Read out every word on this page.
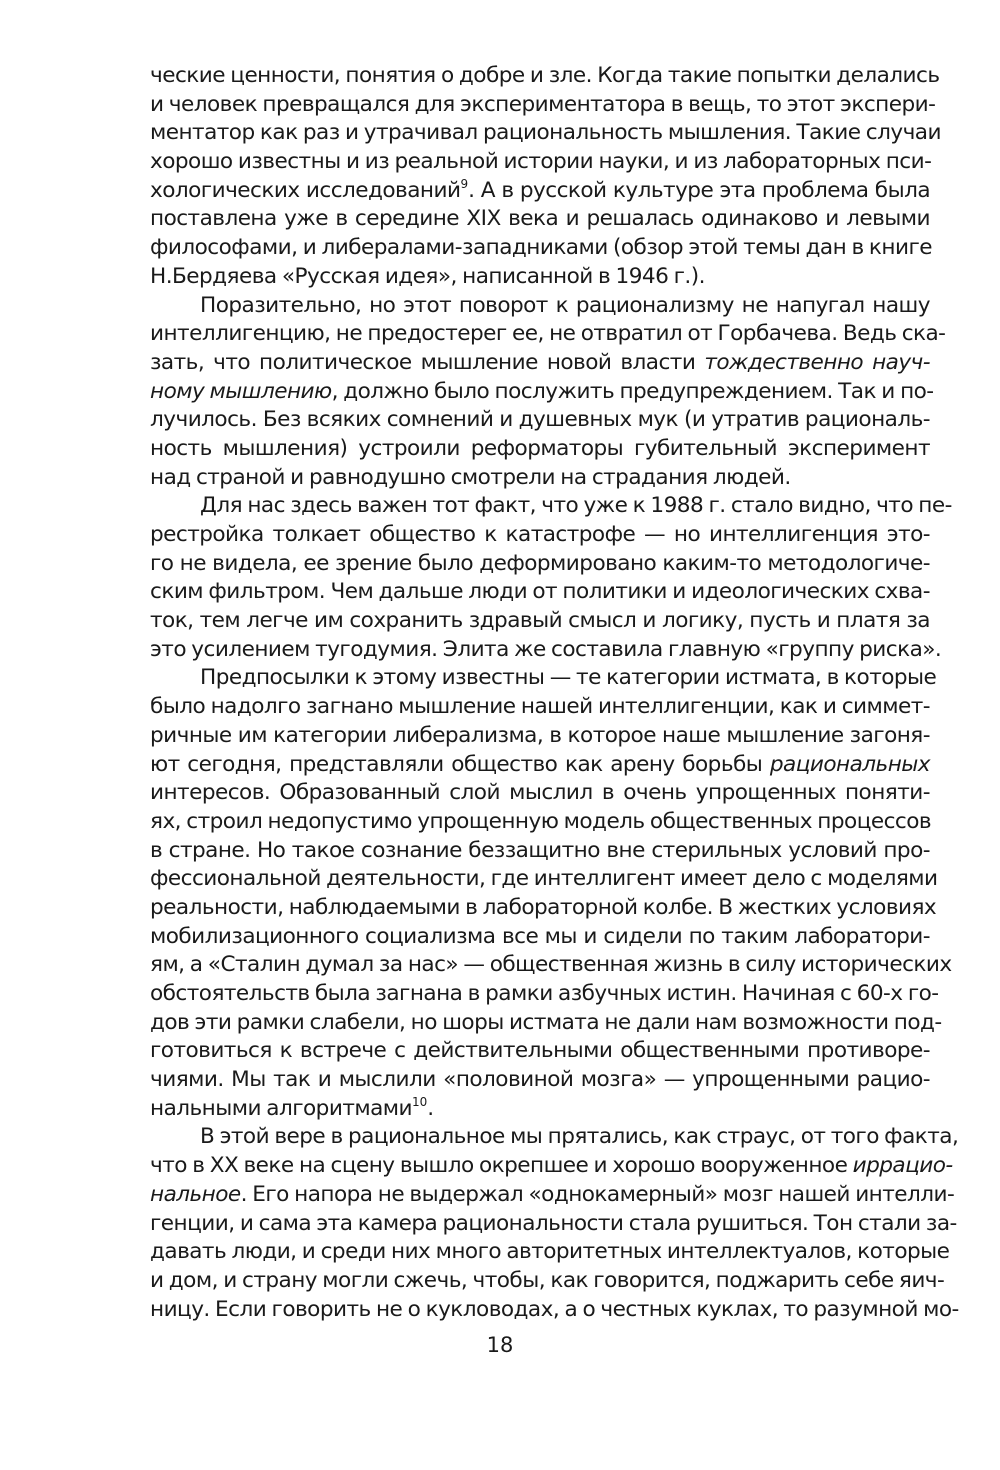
ческие ценности, понятия о добре и зле. Когда такие попытки делались
и человек превращался для экспериментатора в вещь, то этот экспери-
ментатор как раз и утрачивал рациональность мышления. Такие случаи
хорошо известны и из реальной истории науки, и из лабораторных пси-
хологических исследований$^9$. А в русской культуре эта проблема была
поставлена уже в середине XIX века и решалась одинаково и левыми
философами, и либералами-западниками (обзор этой темы дан в книге
Н.Бердяева «Русская идея», написанной в 1946 г.).
Поразительно, но этот поворот к рационализму не напугал нашу
интеллигенцию, не предостерег ее, не отвратил от Горбачева. Ведь ска-
зать, что политическое мышление новой власти тождественно науч-
ному мышлению, должно было послужить предупреждением. Так и по-
лучилось. Без всяких сомнений и душевных мук (и утратив рациональ-
ность мышления) устроили реформаторы губительный эксперимент
над страной и равнодушно смотрели на страдания людей.
Для нас здесь важен тот факт, что уже к 1988 г. стало видно, что пе-
рестройка толкает общество к катастрофе — но интеллигенция это-
го не видела, ее зрение было деформировано каким-то методологиче-
ским фильтром. Чем дальше люди от политики и идеологических схва-
ток, тем легче им сохранить здравый смысл и логику, пусть и платя за
это усилением тугодумия. Элита же составила главную «группу риска».
Предпосылки к этому известны — те категории истмата, в которые
было надолго загнано мышление нашей интеллигенции, как и симмет-
ричные им категории либерализма, в которое наше мышление загоня-
ют сегодня, представляли общество как арену борьбы рациональных
интересов. Образованный слой мыслил в очень упрощенных поняти-
ях, строил недопустимо упрощенную модель общественных процессов
в стране. Но такое сознание беззащитно вне стерильных условий про-
фессиональной деятельности, где интеллигент имеет дело с моделями
реальности, наблюдаемыми в лабораторной колбе. В жестких условиях
мобилизационного социализма все мы и сидели по таким лаборатори-
ям, а «Сталин думал за нас» — общественная жизнь в силу исторических
обстоятельств была загнана в рамки азбучных истин. Начиная с 60-х го-
дов эти рамки слабели, но шоры истмата не дали нам возможности под-
готовиться к встрече с действительными общественными противоре-
чиями. Мы так и мыслили «половиной мозга» — упрощенными рацио-
нальными алгоритмами$^{10}$.
В этой вере в рациональное мы прятались, как страус, от того факта,
что в XX веке на сцену вышло окрепшее и хорошо вооруженное иррацио-
нальное. Его напора не выдержал «однокамерный» мозг нашей интелли-
генции, и сама эта камера рациональности стала рушиться. Тон стали за-
давать люди, и среди них много авторитетных интеллектуалов, которые
и дом, и страну могли сжечь, чтобы, как говорится, поджарить себе яич-
ницу. Если говорить не о кукловодах, а о честных куклах, то разумной мо-
18
